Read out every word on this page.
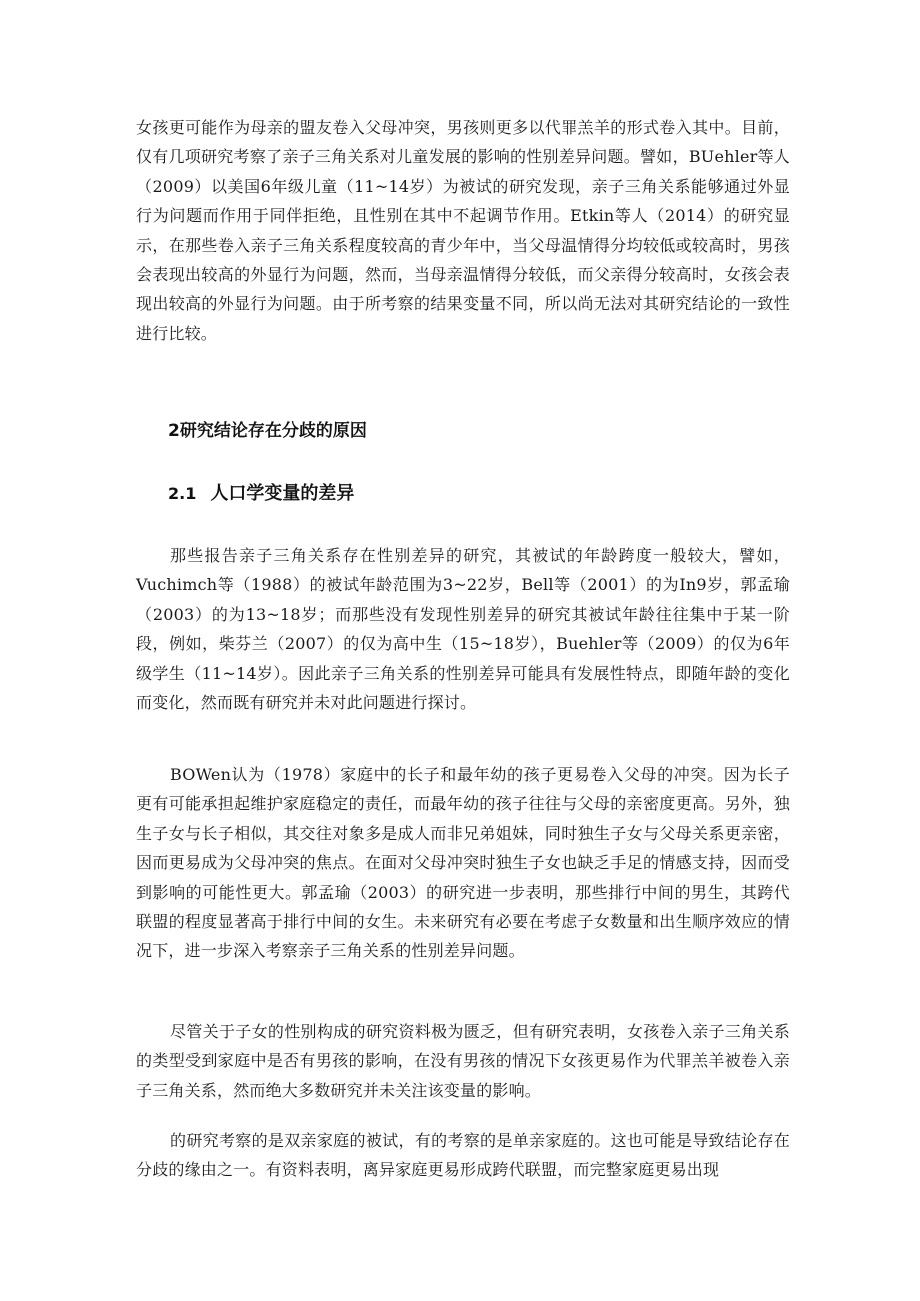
女孩更可能作为母亲的盟友卷入父母冲突，男孩则更多以代罪羔羊的形式卷入其中。目前，仅有几项研究考察了亲子三角关系对儿童发展的影响的性别差异问题。譬如，BUehler等人（2009）以美国6年级儿童（11~14岁）为被试的研究发现，亲子三角关系能够通过外显行为问题而作用于同伴拒绝，且性别在其中不起调节作用。Etkin等人（2014）的研究显示，在那些卷入亲子三角关系程度较高的青少年中，当父母温情得分均较低或较高时，男孩会表现出较高的外显行为问题，然而，当母亲温情得分较低，而父亲得分较高时，女孩会表现出较高的外显行为问题。由于所考察的结果变量不同，所以尚无法对其研究结论的一致性进行比较。

2研究结论存在分歧的原因
2.1 人口学变量的差异

那些报告亲子三角关系存在性别差异的研究，其被试的年龄跨度一般较大，譬如，Vuchimch等（1988）的被试年龄范围为3~22岁，Bell等（2001）的为In9岁，郭孟瑜（2003）的为13~18岁；而那些没有发现性别差异的研究其被试年龄往往集中于某一阶段，例如，柴芬兰（2007）的仅为高中生（15~18岁），Buehler等（2009）的仅为6年级学生（11~14岁）。因此亲子三角关系的性别差异可能具有发展性特点，即随年龄的变化而变化，然而既有研究并未对此问题进行探讨。

BOWen认为（1978）家庭中的长子和最年幼的孩子更易卷入父母的冲突。因为长子更有可能承担起维护家庭稳定的责任，而最年幼的孩子往往与父母的亲密度更高。另外，独生子女与长子相似，其交往对象多是成人而非兄弟姐妹，同时独生子女与父母关系更亲密，因而更易成为父母冲突的焦点。在面对父母冲突时独生子女也缺乏手足的情感支持，因而受到影响的可能性更大。郭孟瑜（2003）的研究进一步表明，那些排行中间的男生，其跨代联盟的程度显著高于排行中间的女生。未来研究有必要在考虑子女数量和出生顺序效应的情况下，进一步深入考察亲子三角关系的性别差异问题。

尽管关于子女的性别构成的研究资料极为匮乏，但有研究表明，女孩卷入亲子三角关系的类型受到家庭中是否有男孩的影响，在没有男孩的情况下女孩更易作为代罪羔羊被卷入亲子三角关系，然而绝大多数研究并未关注该变量的影响。

的研究考察的是双亲家庭的被试，有的考察的是单亲家庭的。这也可能是导致结论存在分歧的缘由之一。有资料表明，离异家庭更易形成跨代联盟，而完整家庭更易出现
